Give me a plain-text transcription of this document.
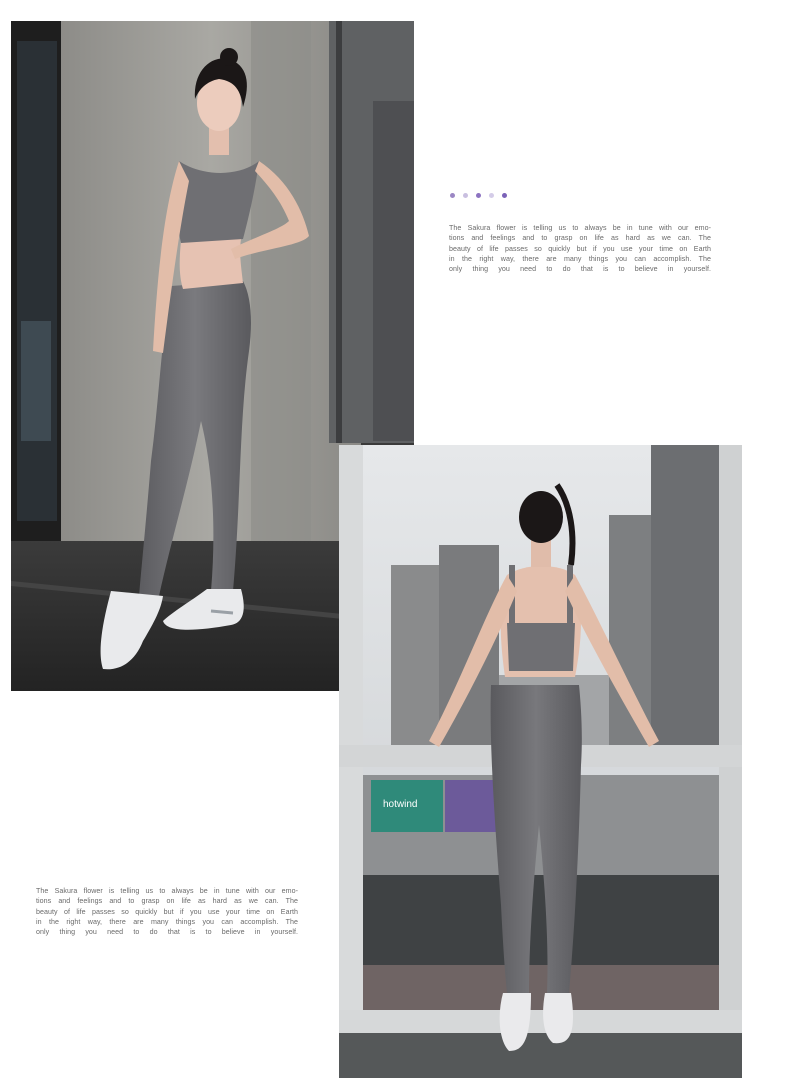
hotwind

The Sakura flower is telling us to always be in tune with our emo-

tions and feelings and to grasp on life as hard as we can. The

beauty of life passes so quickly but if you use your time on Earth

in the right way, there are many things you can accomplish. The

only thing you need to do that is to believe in yourself.

The Sakura flower is telling us to always be in tune with our emo-

tions and feelings and to grasp on life as hard as we can. The

beauty of life passes so quickly but if you use your time on Earth

in the right way, there are many things you can accomplish. The

only thing you need to do that is to believe in yourself.
